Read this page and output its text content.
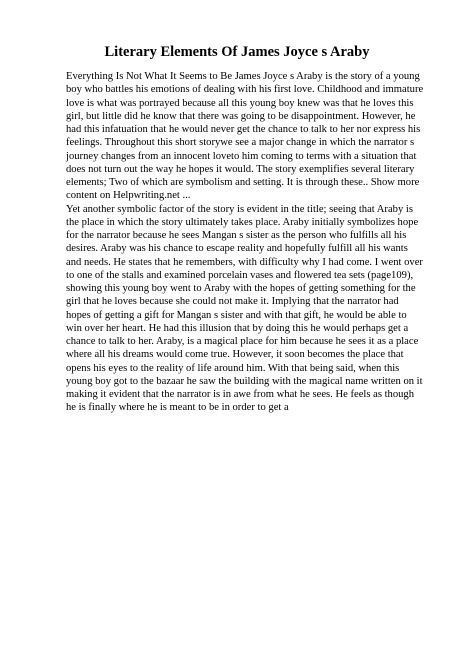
Literary Elements Of James Joyce s Araby
Everything Is Not What It Seems to Be James Joyce s Araby is the story of a young
boy who battles his emotions of dealing with his first love. Childhood and immature
love is what was portrayed because all this young boy knew was that he loves this
girl, but little did he know that there was going to be disappointment. However, he
had this infatuation that he would never get the chance to talk to her nor express his
feelings. Throughout this short storywe see a major change in which the narrator s
journey changes from an innocent loveto him coming to terms with a situation that
does not turn out the way he hopes it would. The story exemplifies several literary
elements; Two of which are symbolism and setting. It is through these.. Show more
content on Helpwriting.net ...
Yet another symbolic factor of the story is evident in the title; seeing that Araby is
the place in which the story ultimately takes place. Araby initially symbolizes hope
for the narrator because he sees Mangan s sister as the person who fulfills all his
desires. Araby was his chance to escape reality and hopefully fulfill all his wants
and needs. He states that he remembers, with difficulty why I had come. I went over
to one of the stalls and examined porcelain vases and flowered tea sets (page109),
showing this young boy went to Araby with the hopes of getting something for the
girl that he loves because she could not make it. Implying that the narrator had
hopes of getting a gift for Mangan s sister and with that gift, he would be able to
win over her heart. He had this illusion that by doing this he would perhaps get a
chance to talk to her. Araby, is a magical place for him because he sees it as a place
where all his dreams would come true. However, it soon becomes the place that
opens his eyes to the reality of life around him. With that being said, when this
young boy got to the bazaar he saw the building with the magical name written on it
making it evident that the narrator is in awe from what he sees. He feels as though
he is finally where he is meant to be in order to get a
